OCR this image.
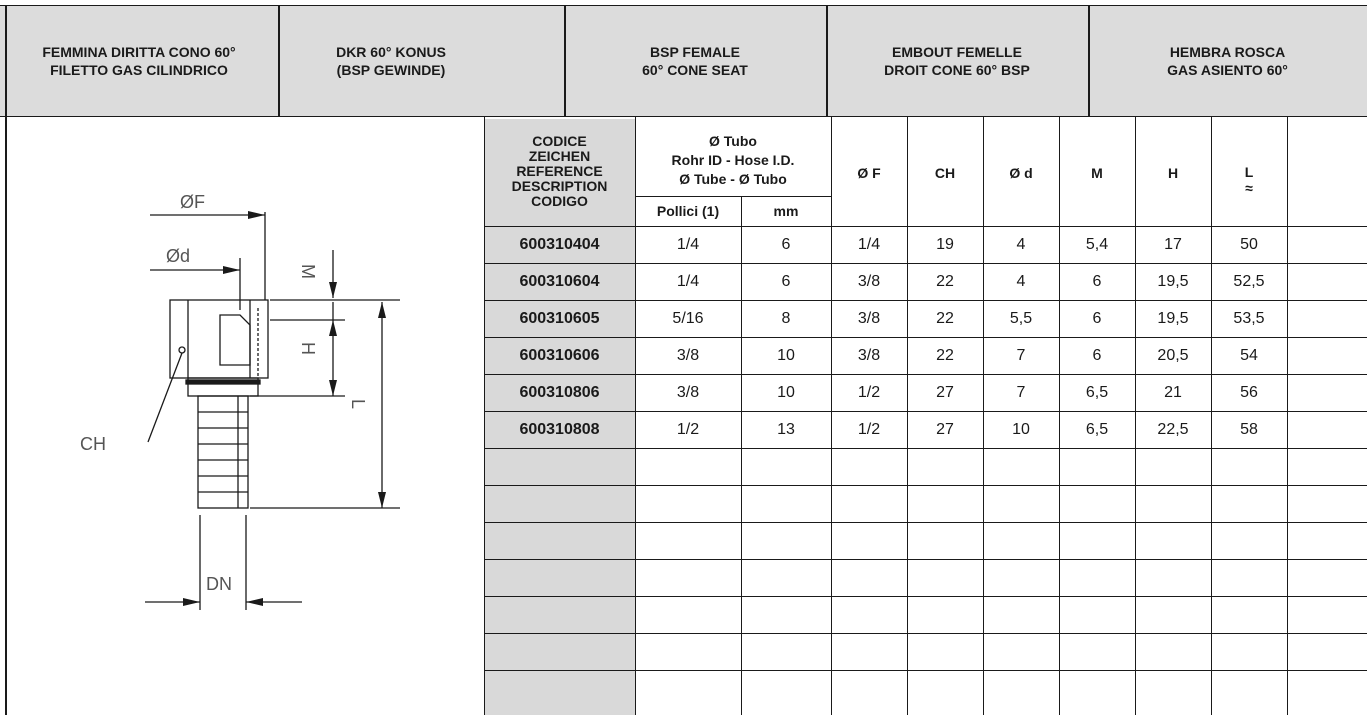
FEMMINA DIRITTA CONO 60°
FILETTO GAS CILINDRICO
DKR 60° KONUS
(BSP GEWINDE)
BSP FEMALE
60° CONE SEAT
EMBOUT FEMELLE
DROIT CONE 60° BSP
HEMBRA ROSCA
GAS ASIENTO 60°
CODICE
ZEICHEN
REFERENCE
DESCRIPTION
CODIGO
Ø Tubo
Rohr ID - Hose I.D.
Ø Tube - Ø Tubo
Pollici (1)	mm
Ø F	CH	Ø d	M	H	L
≈
600310404	1/4	6	1/4	19	4	5,4	17	50
600310604	1/4	6	3/8	22	4	6	19,5	52,5
600310605	5/16	8	3/8	22	5,5	6	19,5	53,5
600310606	3/8	10	3/8	22	7	6	20,5	54
600310806	3/8	10	1/2	27	7	6,5	21	56
600310808	1/2	13	1/2	27	10	6,5	22,5	58
ØF
Ød
M
H
L
CH
DN
